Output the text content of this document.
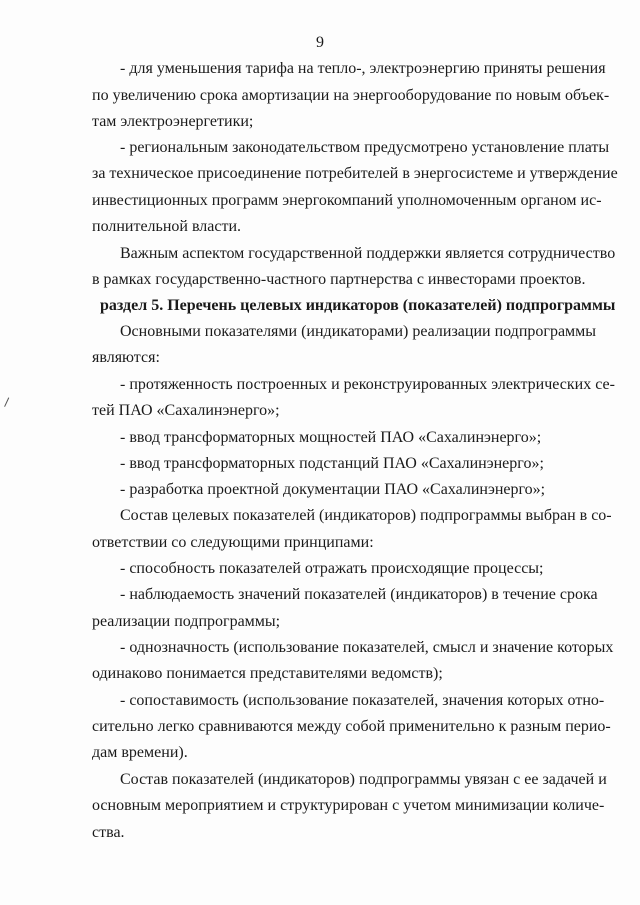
9
- для уменьшения тарифа на тепло-, электроэнергию приняты решения
по увеличению срока амортизации на энергооборудование по новым объек-
там электроэнергетики;
- региональным законодательством предусмотрено установление платы
за техническое присоединение потребителей в энергосистеме и утверждение
инвестиционных программ энергокомпаний уполномоченным органом ис-
полнительной власти.
Важным аспектом государственной поддержки является сотрудничество
в рамках государственно-частного партнерства с инвесторами проектов.
раздел 5. Перечень целевых индикаторов (показателей) подпрограммы
Основными показателями (индикаторами) реализации подпрограммы
являются:
- протяженность построенных и реконструированных электрических се-
тей ПАО «Сахалинэнерго»;
- ввод трансформаторных мощностей ПАО «Сахалинэнерго»;
- ввод трансформаторных подстанций ПАО «Сахалинэнерго»;
- разработка проектной документации ПАО «Сахалинэнерго»;
Состав целевых показателей (индикаторов) подпрограммы выбран в со-
ответствии со следующими принципами:
- способность показателей отражать происходящие процессы;
- наблюдаемость значений показателей (индикаторов) в течение срока
реализации подпрограммы;
- однозначность (использование показателей, смысл и значение которых
одинаково понимается представителями ведомств);
- сопоставимость (использование показателей, значения которых отно-
сительно легко сравниваются между собой применительно к разным перио-
дам времени).
Состав показателей (индикаторов) подпрограммы увязан с ее задачей и
основным мероприятием и структурирован с учетом минимизации количе-
ства.
